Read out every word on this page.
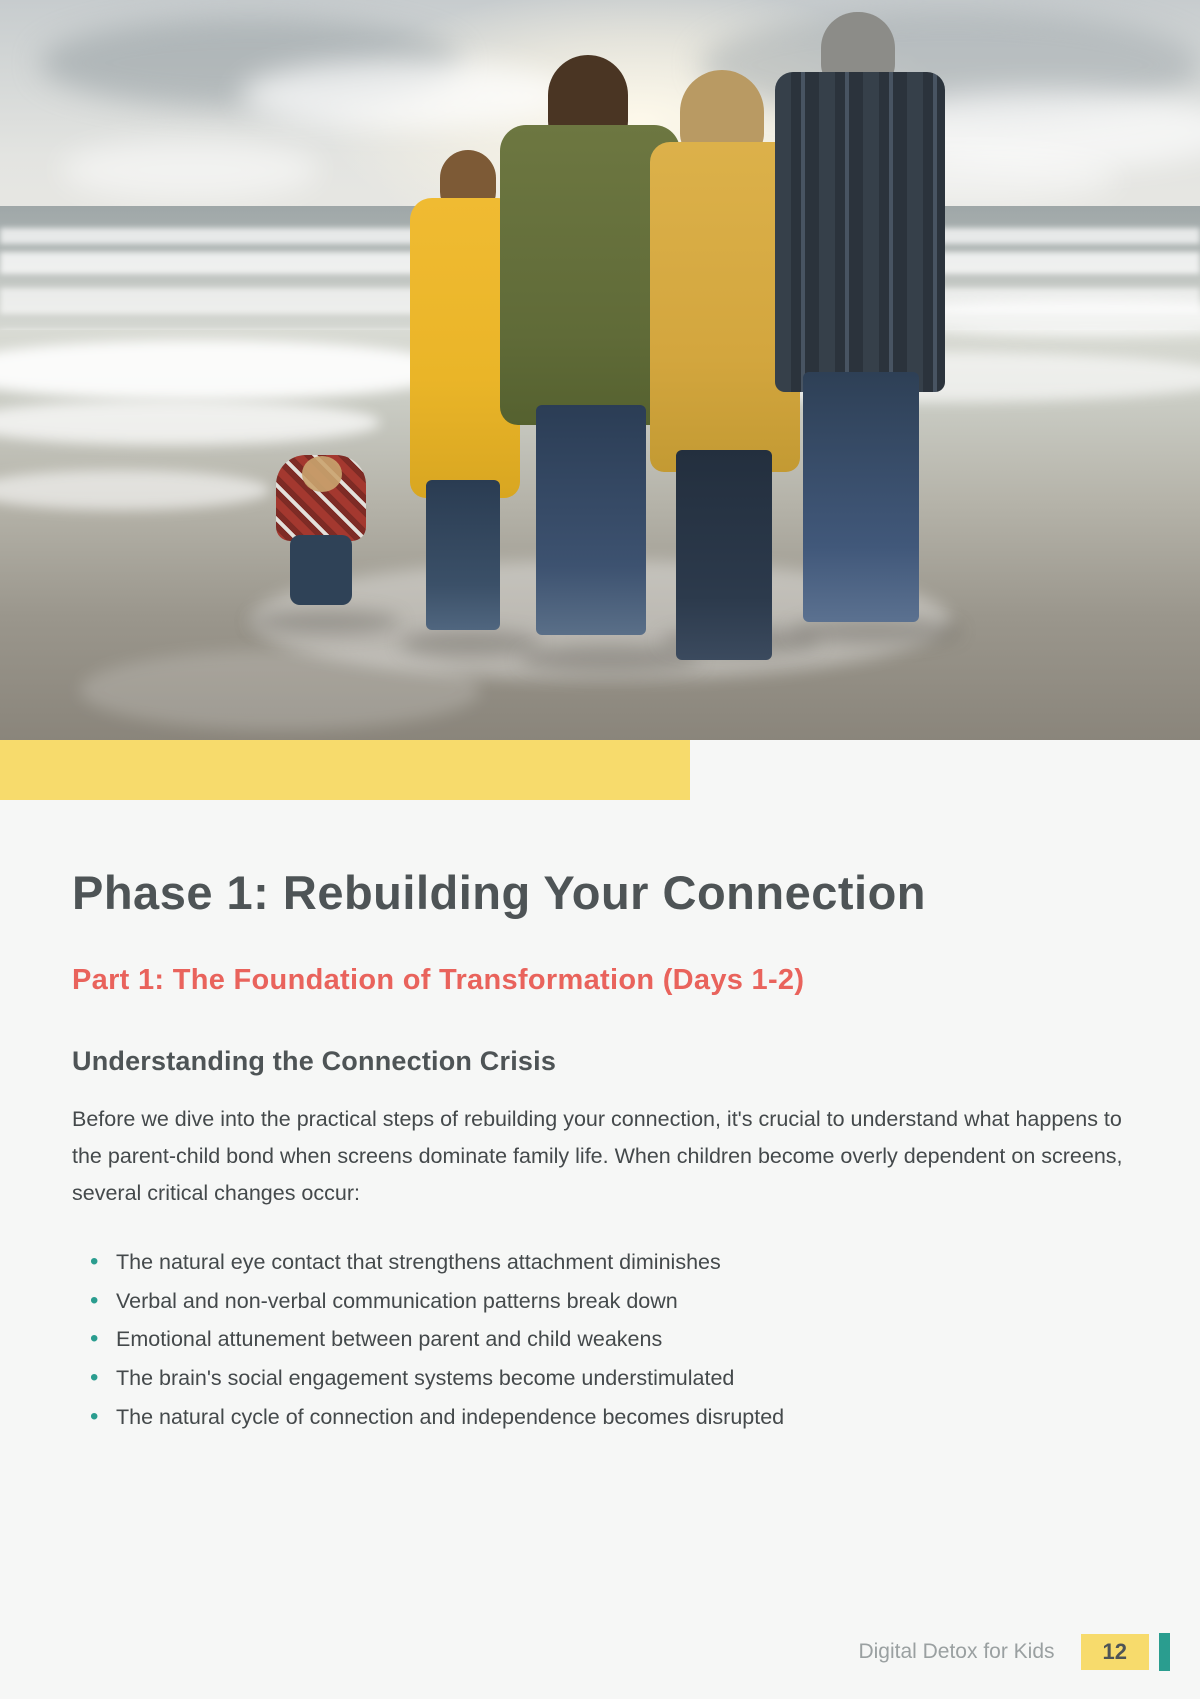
Phase 1: Rebuilding Your Connection
Part 1: The Foundation of Transformation (Days 1-2)
Understanding the Connection Crisis

Before we dive into the practical steps of rebuilding your connection, it's crucial to understand what happens to the parent-child bond when screens dominate family life. When children become overly dependent on screens, several critical changes occur:

• The natural eye contact that strengthens attachment diminishes
• Verbal and non-verbal communication patterns break down
• Emotional attunement between parent and child weakens
• The brain's social engagement systems become understimulated
• The natural cycle of connection and independence becomes disrupted
Digital Detox for Kids	12
